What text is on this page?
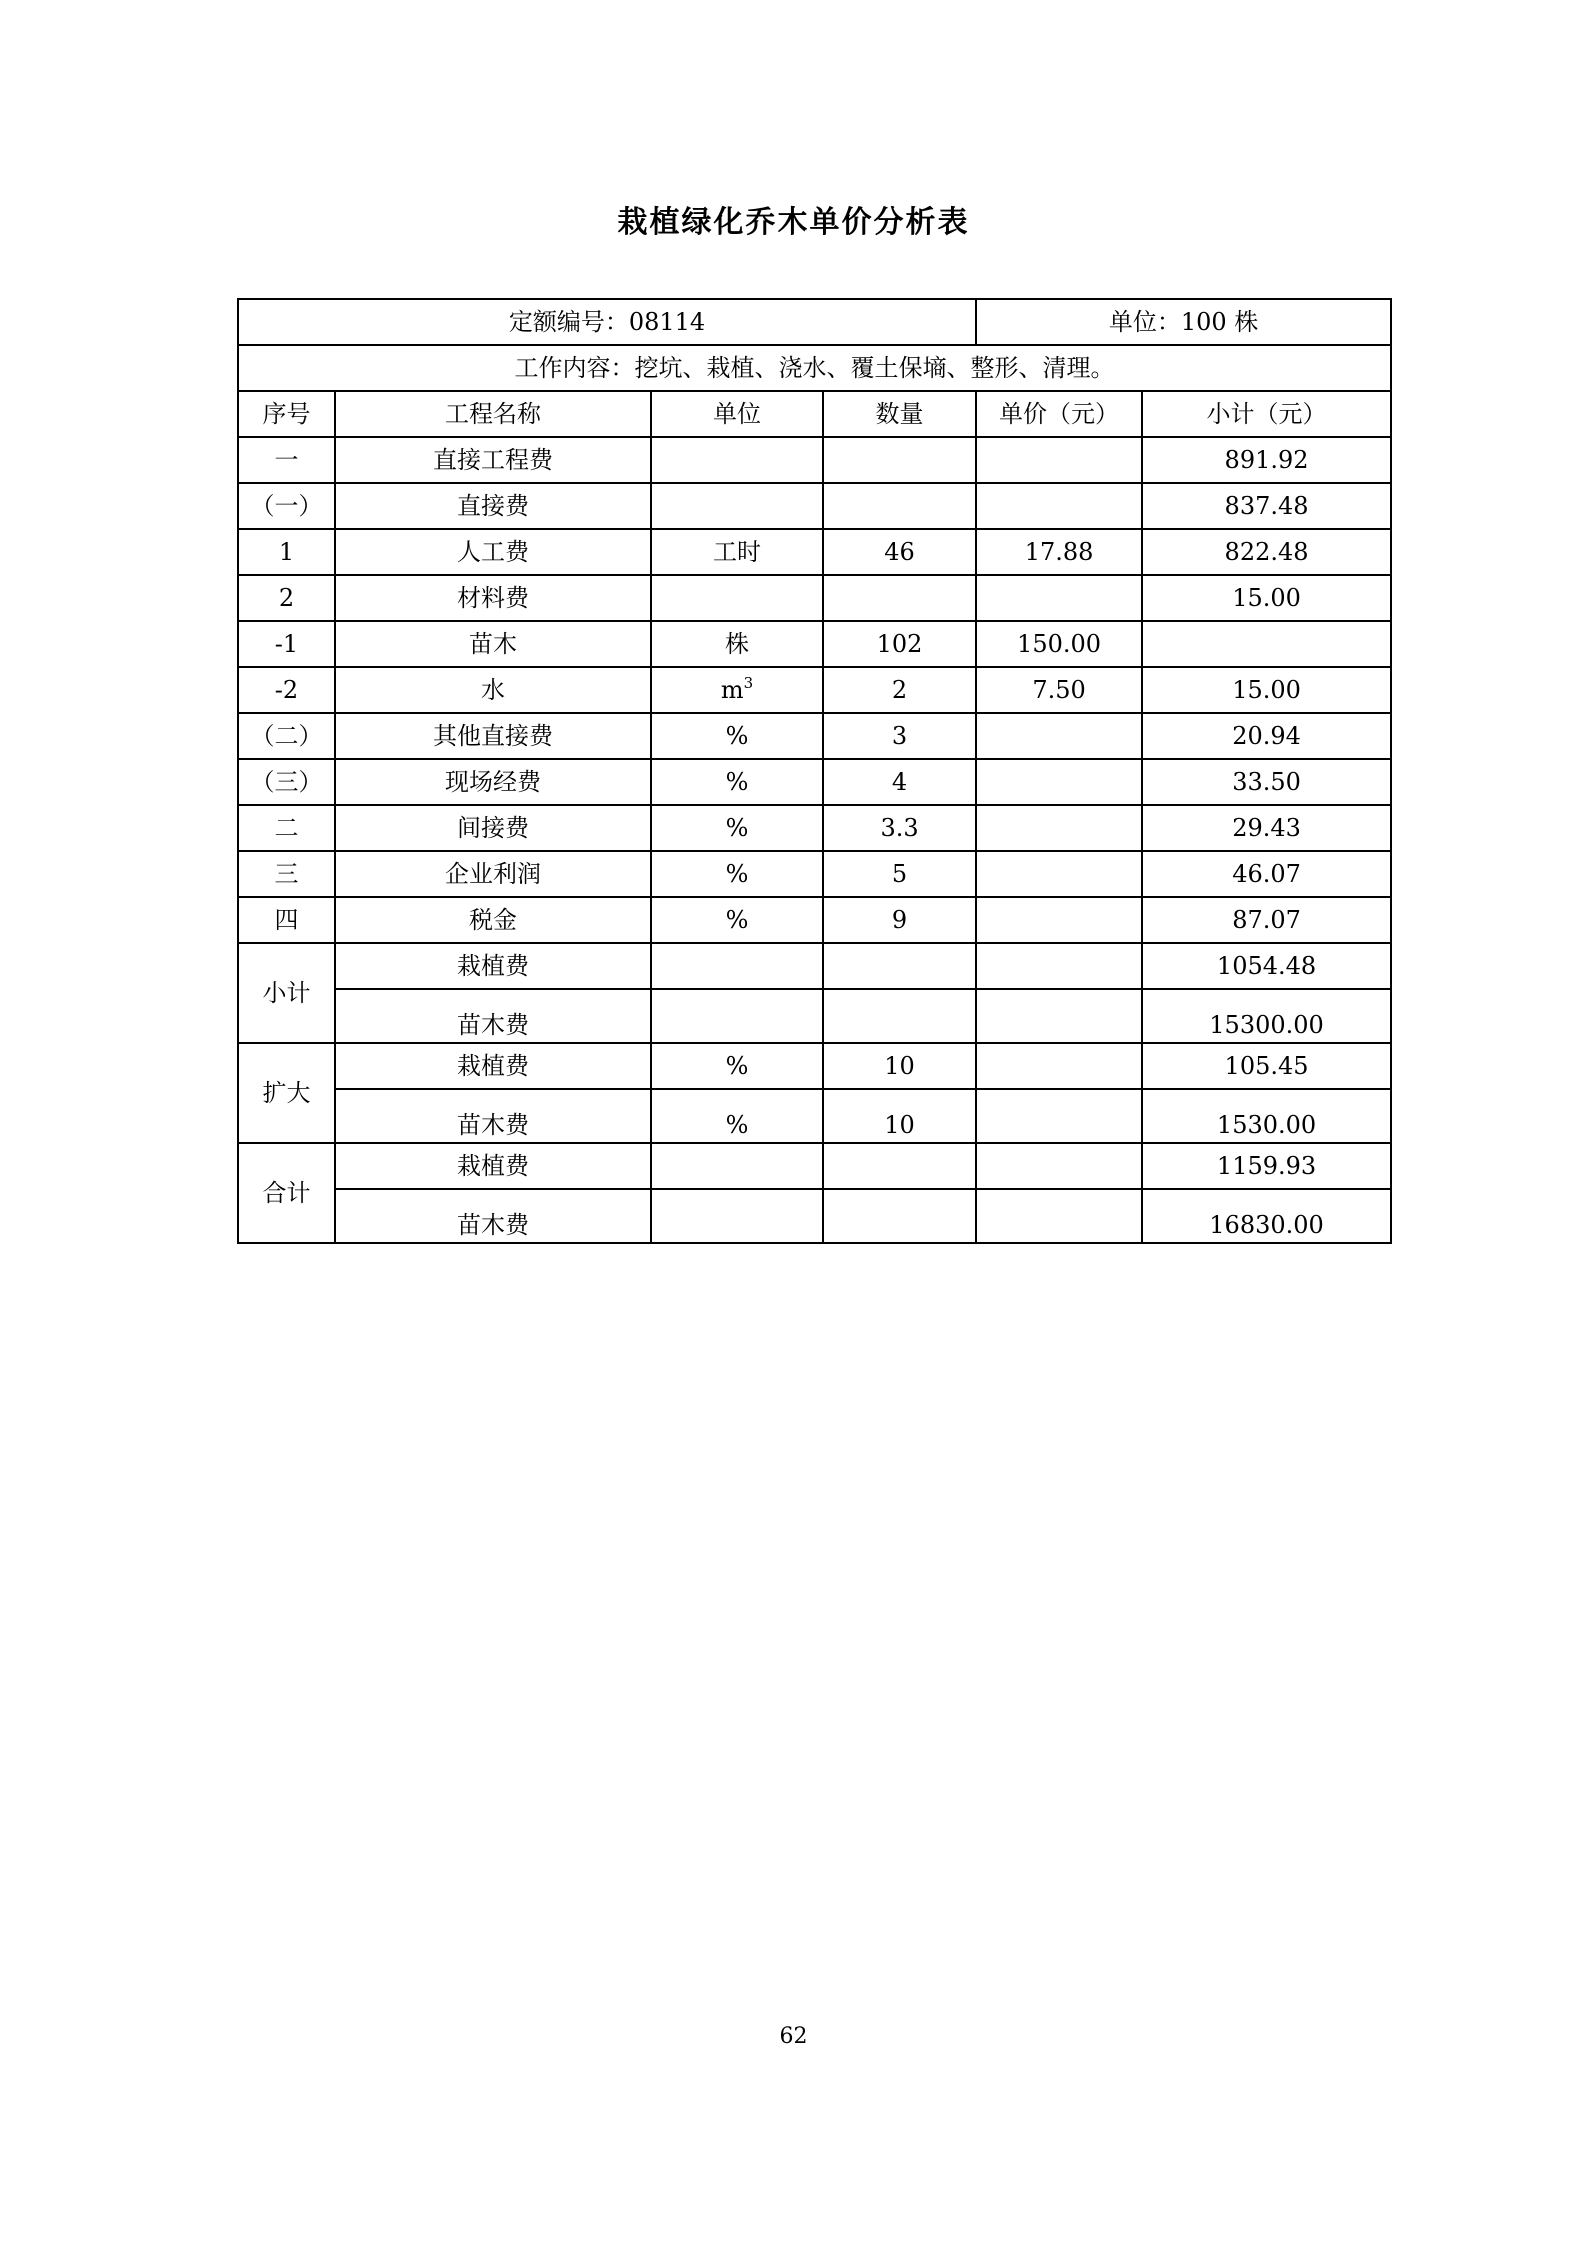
栽植绿化乔木单价分析表
定额编号：08114				单位：100 株	
工作内容：挖坑、栽植、浇水、覆土保墒、整形、清理。					
序号	工程名称	单位	数量	单价（元）	小计（元）
一	直接工程费				891.92
（一）	直接费				837.48
1	人工费	工时	46	17.88	822.48
2	材料费				15.00
-1	苗木	株	102	150.00	
-2	水	$m^3$	2	7.50	15.00
（二）	其他直接费	%	3		20.94
（三）	现场经费	%	4		33.50
二	间接费	%	3.3		29.43
三	企业利润	%	5		46.07
四	税金	%	9		87.07
小计	栽植费				1054.48
	苗木费				15300.00
扩大	栽植费	%	10		105.45
	苗木费	%	10		1530.00
合计	栽植费				1159.93
	苗木费				16830.00
62
